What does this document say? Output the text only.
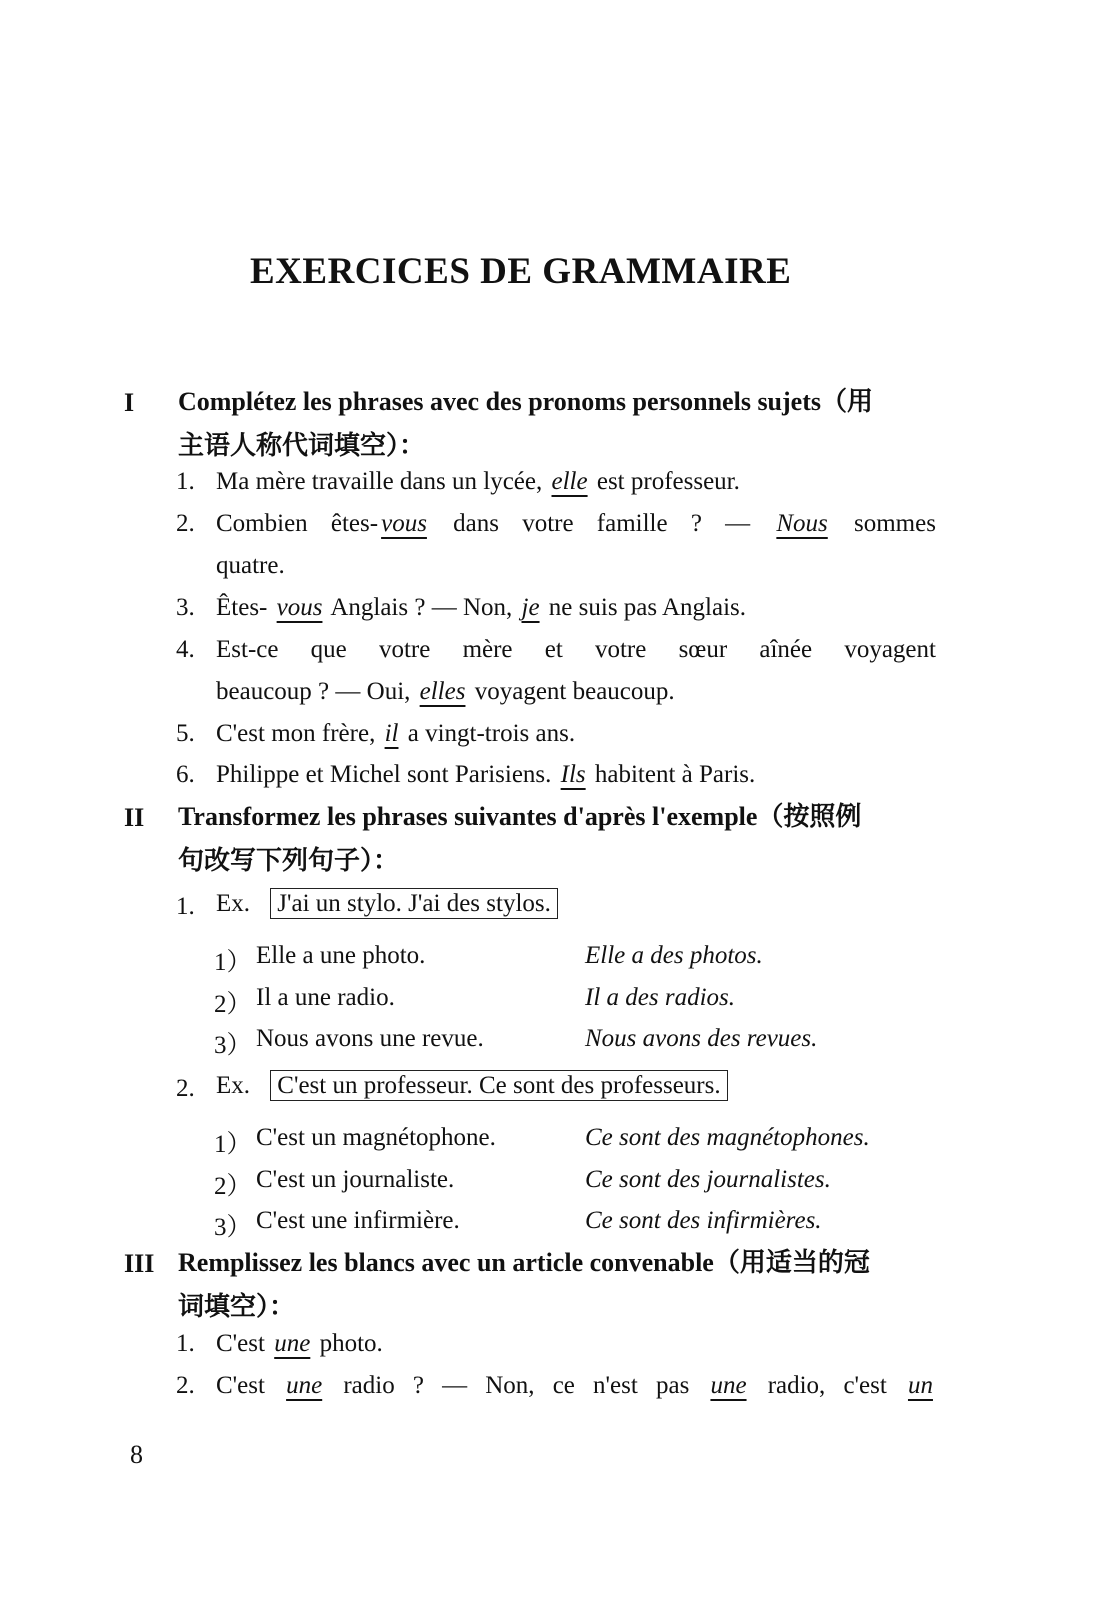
EXERCICES DE GRAMMAIRE
I Complétez les phrases avec des pronoms personnels sujets（用
主语人称代词填空）：
1. Ma mère travaille dans un lycée, elle est professeur.
2. Combien êtes- vous dans votre famille ? — Nous sommes
quatre.
3. Êtes- vous Anglais ? — Non, je ne suis pas Anglais.
4. Est-ce que votre mère et votre sœur aînée voyagent
beaucoup ? — Oui, elles voyagent beaucoup.
5. C'est mon frère, il a vingt-trois ans.
6. Philippe et Michel sont Parisiens. Ils habitent à Paris.
II Transformez les phrases suivantes d'après l'exemple（按照例
句改写下列句子）：
1. Ex. J'ai un stylo. J'ai des stylos.
1） Elle a une photo.	Elle a des photos.
2） Il a une radio.	Il a des radios.
3） Nous avons une revue.	Nous avons des revues.
2. Ex. C'est un professeur. Ce sont des professeurs.
1） C'est un magnétophone.	Ce sont des magnétophones.
2） C'est un journaliste.	Ce sont des journalistes.
3） C'est une infirmière.	Ce sont des infirmières.
III Remplissez les blancs avec un article convenable（用适当的冠
词填空）：
1. C'est une photo.
2. C'est une radio ? — Non, ce n'est pas une radio, c'est un
8
